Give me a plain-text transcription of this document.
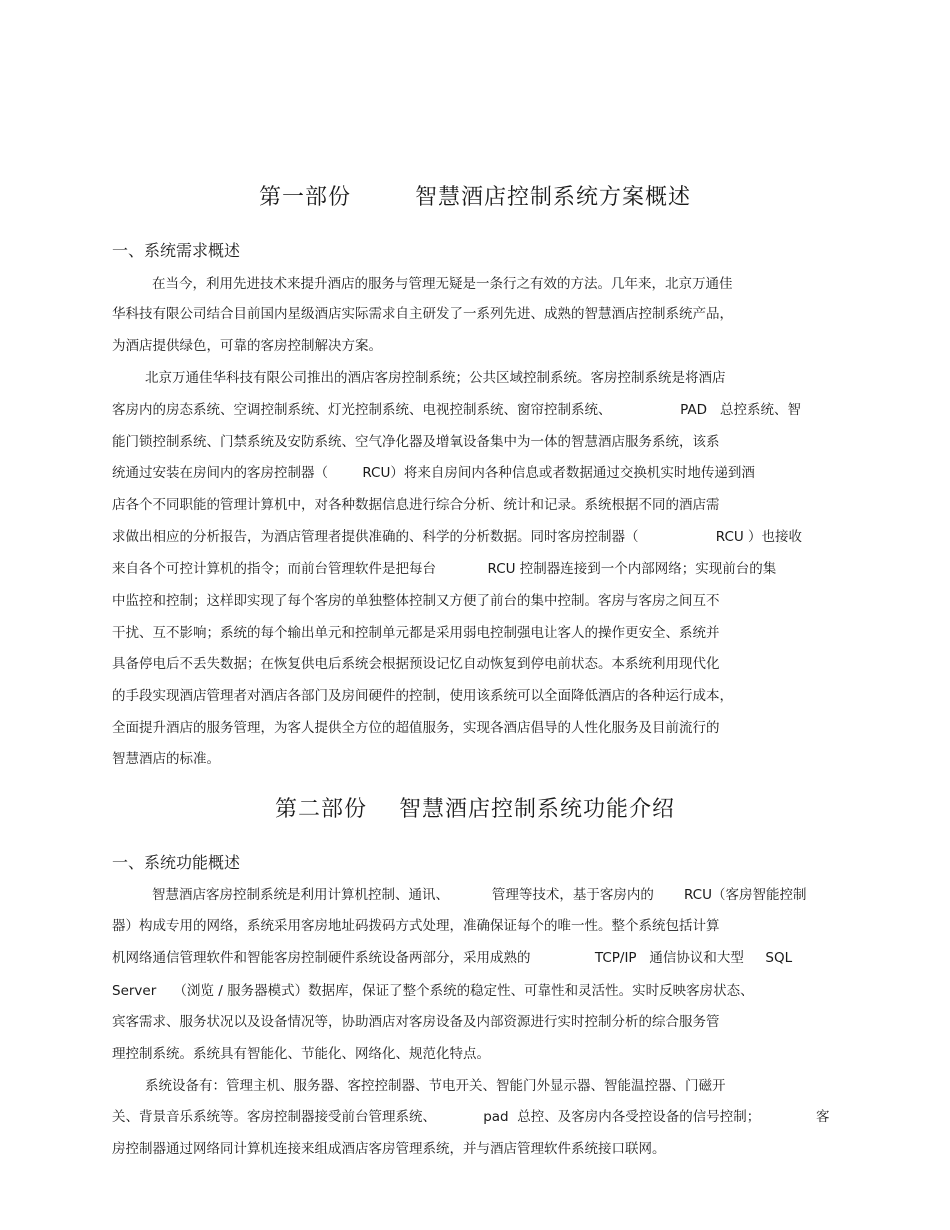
第一部份        智慧酒店控制系统方案概述
一、系统需求概述
在当今，利用先进技术来提升酒店的服务与管理无疑是一条行之有效的方法。几年来，北京万通佳
华科技有限公司结合目前国内星级酒店实际需求自主研发了一系列先进、成熟的智慧酒店控制系统产品，
为酒店提供绿色，可靠的客房控制解决方案。
北京万通佳华科技有限公司推出的酒店客房控制系统；公共区域控制系统。客房控制系统是将酒店
客房内的房态系统、空调控制系统、灯光控制系统、电视控制系统、窗帘控制系统、                PAD   总控系统、智
能门锁控制系统、门禁系统及安防系统、空气净化器及增氧设备集中为一体的智慧酒店服务系统，该系
统通过安装在房间内的客房控制器（        RCU）将来自房间内各种信息或者数据通过交换机实时地传递到酒
店各个不同职能的管理计算机中，对各种数据信息进行综合分析、统计和记录。系统根据不同的酒店需
求做出相应的分析报告，为酒店管理者提供准确的、科学的分析数据。同时客房控制器（                  RCU ）也接收
来自各个可控计算机的指令；而前台管理软件是把每台            RCU 控制器连接到一个内部网络；实现前台的集
中监控和控制；这样即实现了每个客房的单独整体控制又方便了前台的集中控制。客房与客房之间互不
干扰、互不影响；系统的每个输出单元和控制单元都是采用弱电控制强电让客人的操作更安全、系统并
具备停电后不丢失数据；在恢复供电后系统会根据预设记忆自动恢复到停电前状态。本系统利用现代化
的手段实现酒店管理者对酒店各部门及房间硬件的控制，使用该系统可以全面降低酒店的各种运行成本，
全面提升酒店的服务管理，为客人提供全方位的超值服务，实现各酒店倡导的人性化服务及目前流行的
智慧酒店的标准。
第二部份    智慧酒店控制系统功能介绍
一、系统功能概述
智慧酒店客房控制系统是利用计算机控制、通讯、          管理等技术，基于客房内的       RCU（客房智能控制
器）构成专用的网络，系统采用客房地址码拨码方式处理，准确保证每个的唯一性。整个系统包括计算
机网络通信管理软件和智能客房控制硬件系统设备两部分，采用成熟的               TCP/IP   通信协议和大型     SQL
Server    （浏览 / 服务器模式）数据库，保证了整个系统的稳定性、可靠性和灵活性。实时反映客房状态、
宾客需求、服务状况以及设备情况等，协助酒店对客房设备及内部资源进行实时控制分析的综合服务管
理控制系统。系统具有智能化、节能化、网络化、规范化特点。
系统设备有：管理主机、服务器、客控控制器、节电开关、智能门外显示器、智能温控器、门磁开
关、背景音乐系统等。客房控制器接受前台管理系统、           pad  总控、及客房内各受控设备的信号控制；             客
房控制器通过网络同计算机连接来组成酒店客房管理系统，并与酒店管理软件系统接口联网。
